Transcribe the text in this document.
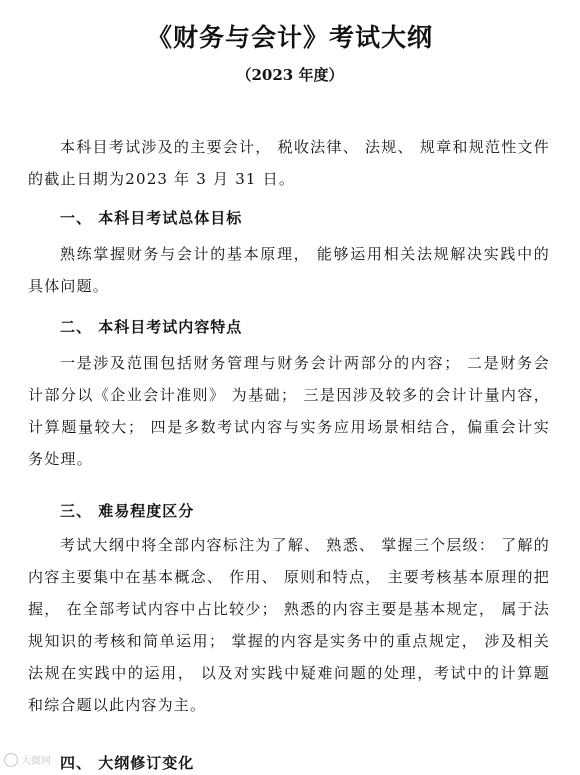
《财务与会计》考试大纲
（2023 年度）

本科目考试涉及的主要会计， 税收法律、 法规、 规章和规范性文件的截止日期为2023 年 3 月 31 日。

一、 本科目考试总体目标

熟练掌握财务与会计的基本原理， 能够运用相关法规解决实践中的具体问题。

二、 本科目考试内容特点

一是涉及范围包括财务管理与财务会计两部分的内容； 二是财务会计部分以《企业会计准则》 为基础； 三是因涉及较多的会计计量内容，计算题量较大； 四是多数考试内容与实务应用场景相结合，偏重会计实务处理。

三、 难易程度区分

考试大纲中将全部内容标注为了解、 熟悉、 掌握三个层级： 了解的内容主要集中在基本概念、 作用、 原则和特点， 主要考核基本原理的把握， 在全部考试内容中占比较少； 熟悉的内容主要是基本规定， 属于法规知识的考核和简单运用； 掌握的内容是实务中的重点规定， 涉及相关法规在实践中的运用， 以及对实践中疑难问题的处理，考试中的计算题和综合题以此内容为主。

四、 大纲修订变化
大微网
